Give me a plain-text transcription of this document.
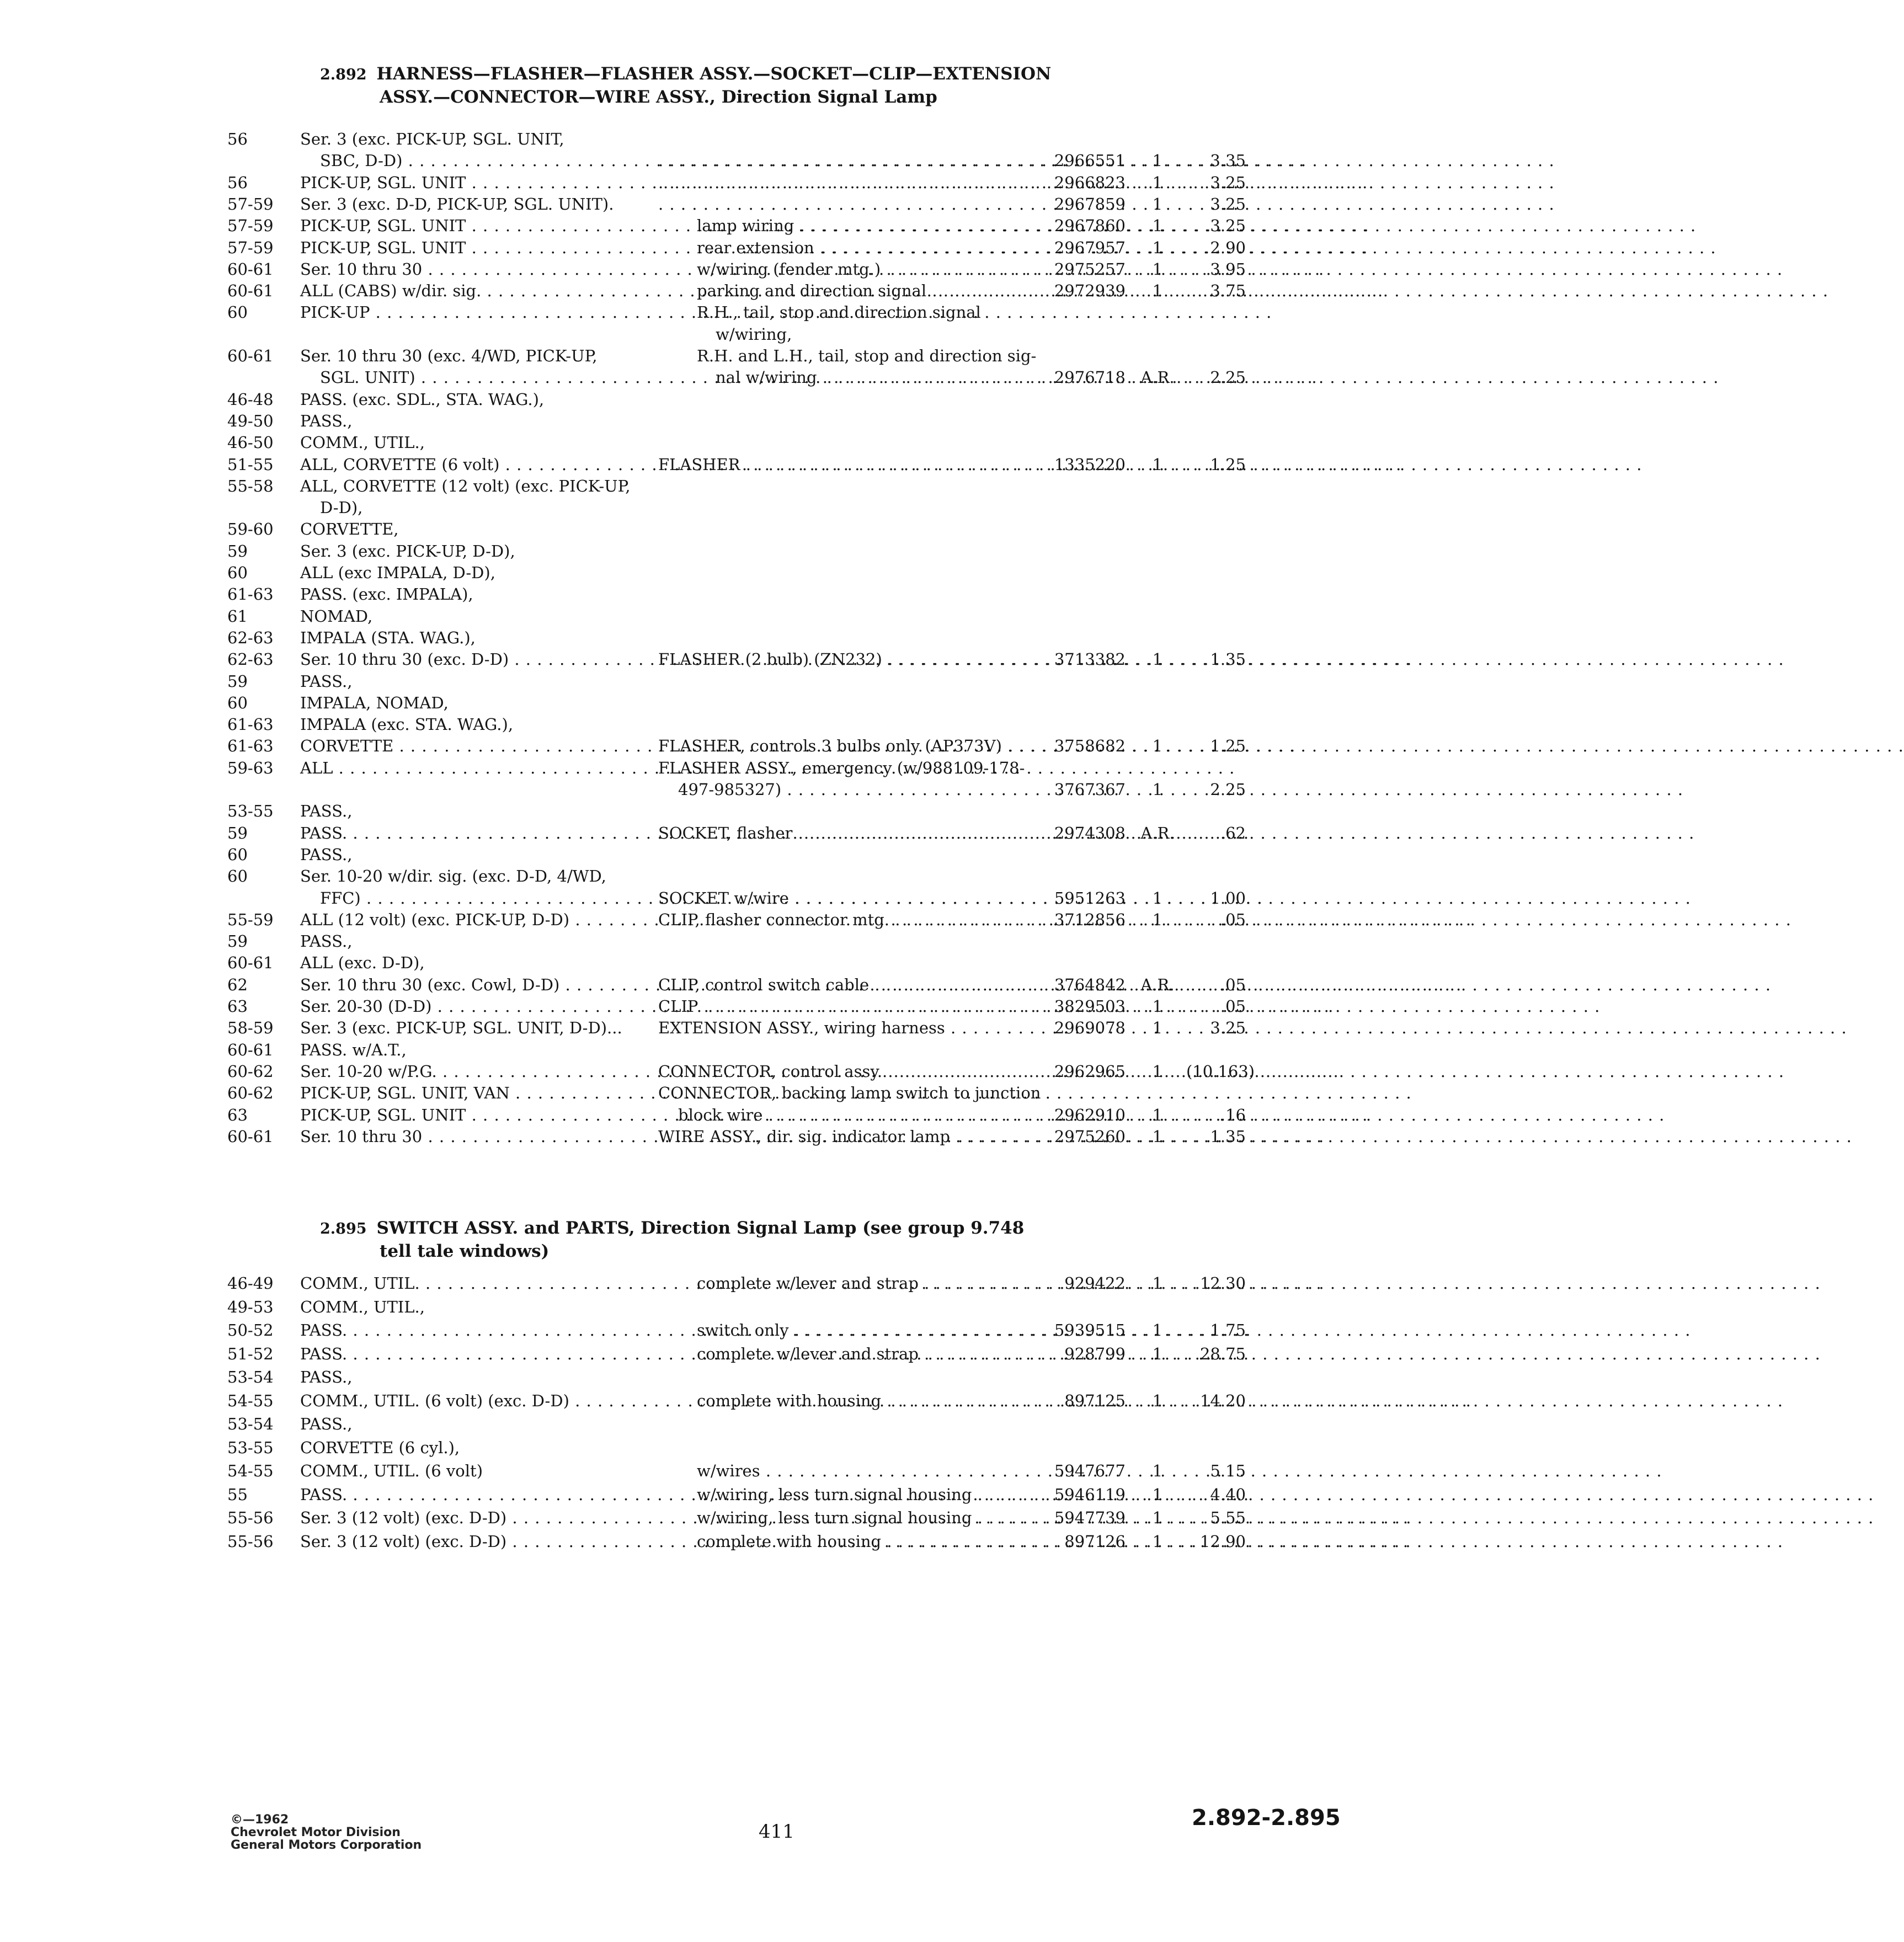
2.892 HARNESS—FLASHER—FLASHER ASSY.—SOCKET—CLIP—EXTENSION
ASSY.—CONNECTOR—WIRE ASSY., Direction Signal Lamp
56	Ser. 3 (exc. PICK-UP, SGL. UNIT,
SBC, D-D) . . . . . .	2966551	1	3.35
56	PICK-UP, SGL. UNIT . . . . . .	2966823	1	3.25
57-59	Ser. 3 (exc. D-D, PICK-UP, SGL. UNIT). . . .	2967859	1	3.25
57-59	PICK-UP, SGL. UNIT . . .	lamp wiring . . .	2967860	1	3.25
57-59	PICK-UP, SGL. UNIT . . .	rear extension . . .	2967957	1	2.90
60-61	Ser. 10 thru 30 . . .	w/wiring (fender mtg.) . . .	2975257	1	3.95
60-61	ALL (CABS) w/dir. sig. . . .	parking and direction signal . . .	2972939	1	3.75
60	PICK-UP . . .	R.H., tail, stop and direction signal
w/wiring,
60-61	Ser. 10 thru 30 (exc. 4/WD, PICK-UP,	R.H. and L.H., tail, stop and direction sig-
SGL. UNIT) . . .	nal w/wiring . . .	2976718 A.R.	2.25
46-48	PASS. (exc. SDL., STA. WAG.),
49-50	PASS.,
46-50	COMM., UTIL.,
51-55	ALL, CORVETTE (6 volt) . . .	FLASHER . . .	1335220	1	1.25
55-58	ALL, CORVETTE (12 volt) (exc. PICK-UP,
D-D),
59-60	CORVETTE,
59	Ser. 3 (exc. PICK-UP, D-D),
60	ALL (exc IMPALA, D-D),
61-63	PASS. (exc. IMPALA),
61	NOMAD,
62-63	IMPALA (STA. WAG.),
62-63	Ser. 10 thru 30 (exc. D-D) . . .	FLASHER (2 bulb) (ZN232) . . .	3713382	1	1.35
59	PASS.,
60	IMPALA, NOMAD,
61-63	IMPALA (exc. STA. WAG.),
61-63	CORVETTE . . .	FLASHER, controls 3 bulbs only (AP373V) . . .	3758682	1	1.25
59-63	ALL . . .	FLASHER ASSY., emergency (w/988109-178-
497-985327) . . .	3767367	1	2.25
53-55	PASS.,
59	PASS. . . .	SOCKET, flasher . . .	2974308 A.R.	.62
60	PASS.,
60	Ser. 10-20 w/dir. sig. (exc. D-D, 4/WD,
FFC) . . .	SOCKET w/wire . . .	5951263	1	1.00
55-59	ALL (12 volt) (exc. PICK-UP, D-D) . . .	CLIP, flasher connector mtg. . . .	3712856	1	.05
59	PASS.,
60-61	ALL (exc. D-D),
62	Ser. 10 thru 30 (exc. Cowl, D-D) . . .	CLIP, control switch cable . . .	3764842 A.R.	.05
63	Ser. 20-30 (D-D) . . .	CLIP . . .	3829503	1	.05
58-59	Ser. 3 (exc. PICK-UP, SGL. UNIT, D-D)...	EXTENSION ASSY., wiring harness . . .	2969078	1	3.25
60-61	PASS. w/A.T.,
60-62	Ser. 10-20 w/P.G. . . .	CONNECTOR, control assy. . . .	2962965	1	(10.163)
60-62	PICK-UP, SGL. UNIT, VAN . . .	CONNECTOR, backing lamp switch to junction
63	PICK-UP, SGL. UNIT . . .	block wire . . .	2962910	1	.16
60-61	Ser. 10 thru 30 . . .	WIRE ASSY., dir. sig. indicator lamp . . .	2975260	1	1.35
2.895 SWITCH ASSY. and PARTS, Direction Signal Lamp (see group 9.748
tell tale windows)
46-49	COMM., UTIL. . . .	complete w/lever and strap . . .	929422	1	12.30
49-53	COMM., UTIL.,
50-52	PASS. . . .	switch only . . .	5939515	1	1.75
51-52	PASS. . . .	complete w/lever and strap . . .	928799	1	28.75
53-54	PASS.,
54-55	COMM., UTIL. (6 volt) (exc. D-D) . . .	complete with housing . . .	897125	1	14.20
53-54	PASS.,
53-55	CORVETTE (6 cyl.),
54-55	COMM., UTIL. (6 volt)	w/wires . . .	5947677	1	5.15
55	PASS. . . .	w/wiring, less turn signal housing . . .	5946119	1	4.40
55-56	Ser. 3 (12 volt) (exc. D-D) . . .	w/wiring, less turn signal housing . . .	5947739	1	5.55
55-56	Ser. 3 (12 volt) (exc. D-D) . . .	complete with housing . . .	897126	1	12.90
©—1962
Chevrolet Motor Division
General Motors Corporation
411
2.892-2.895
